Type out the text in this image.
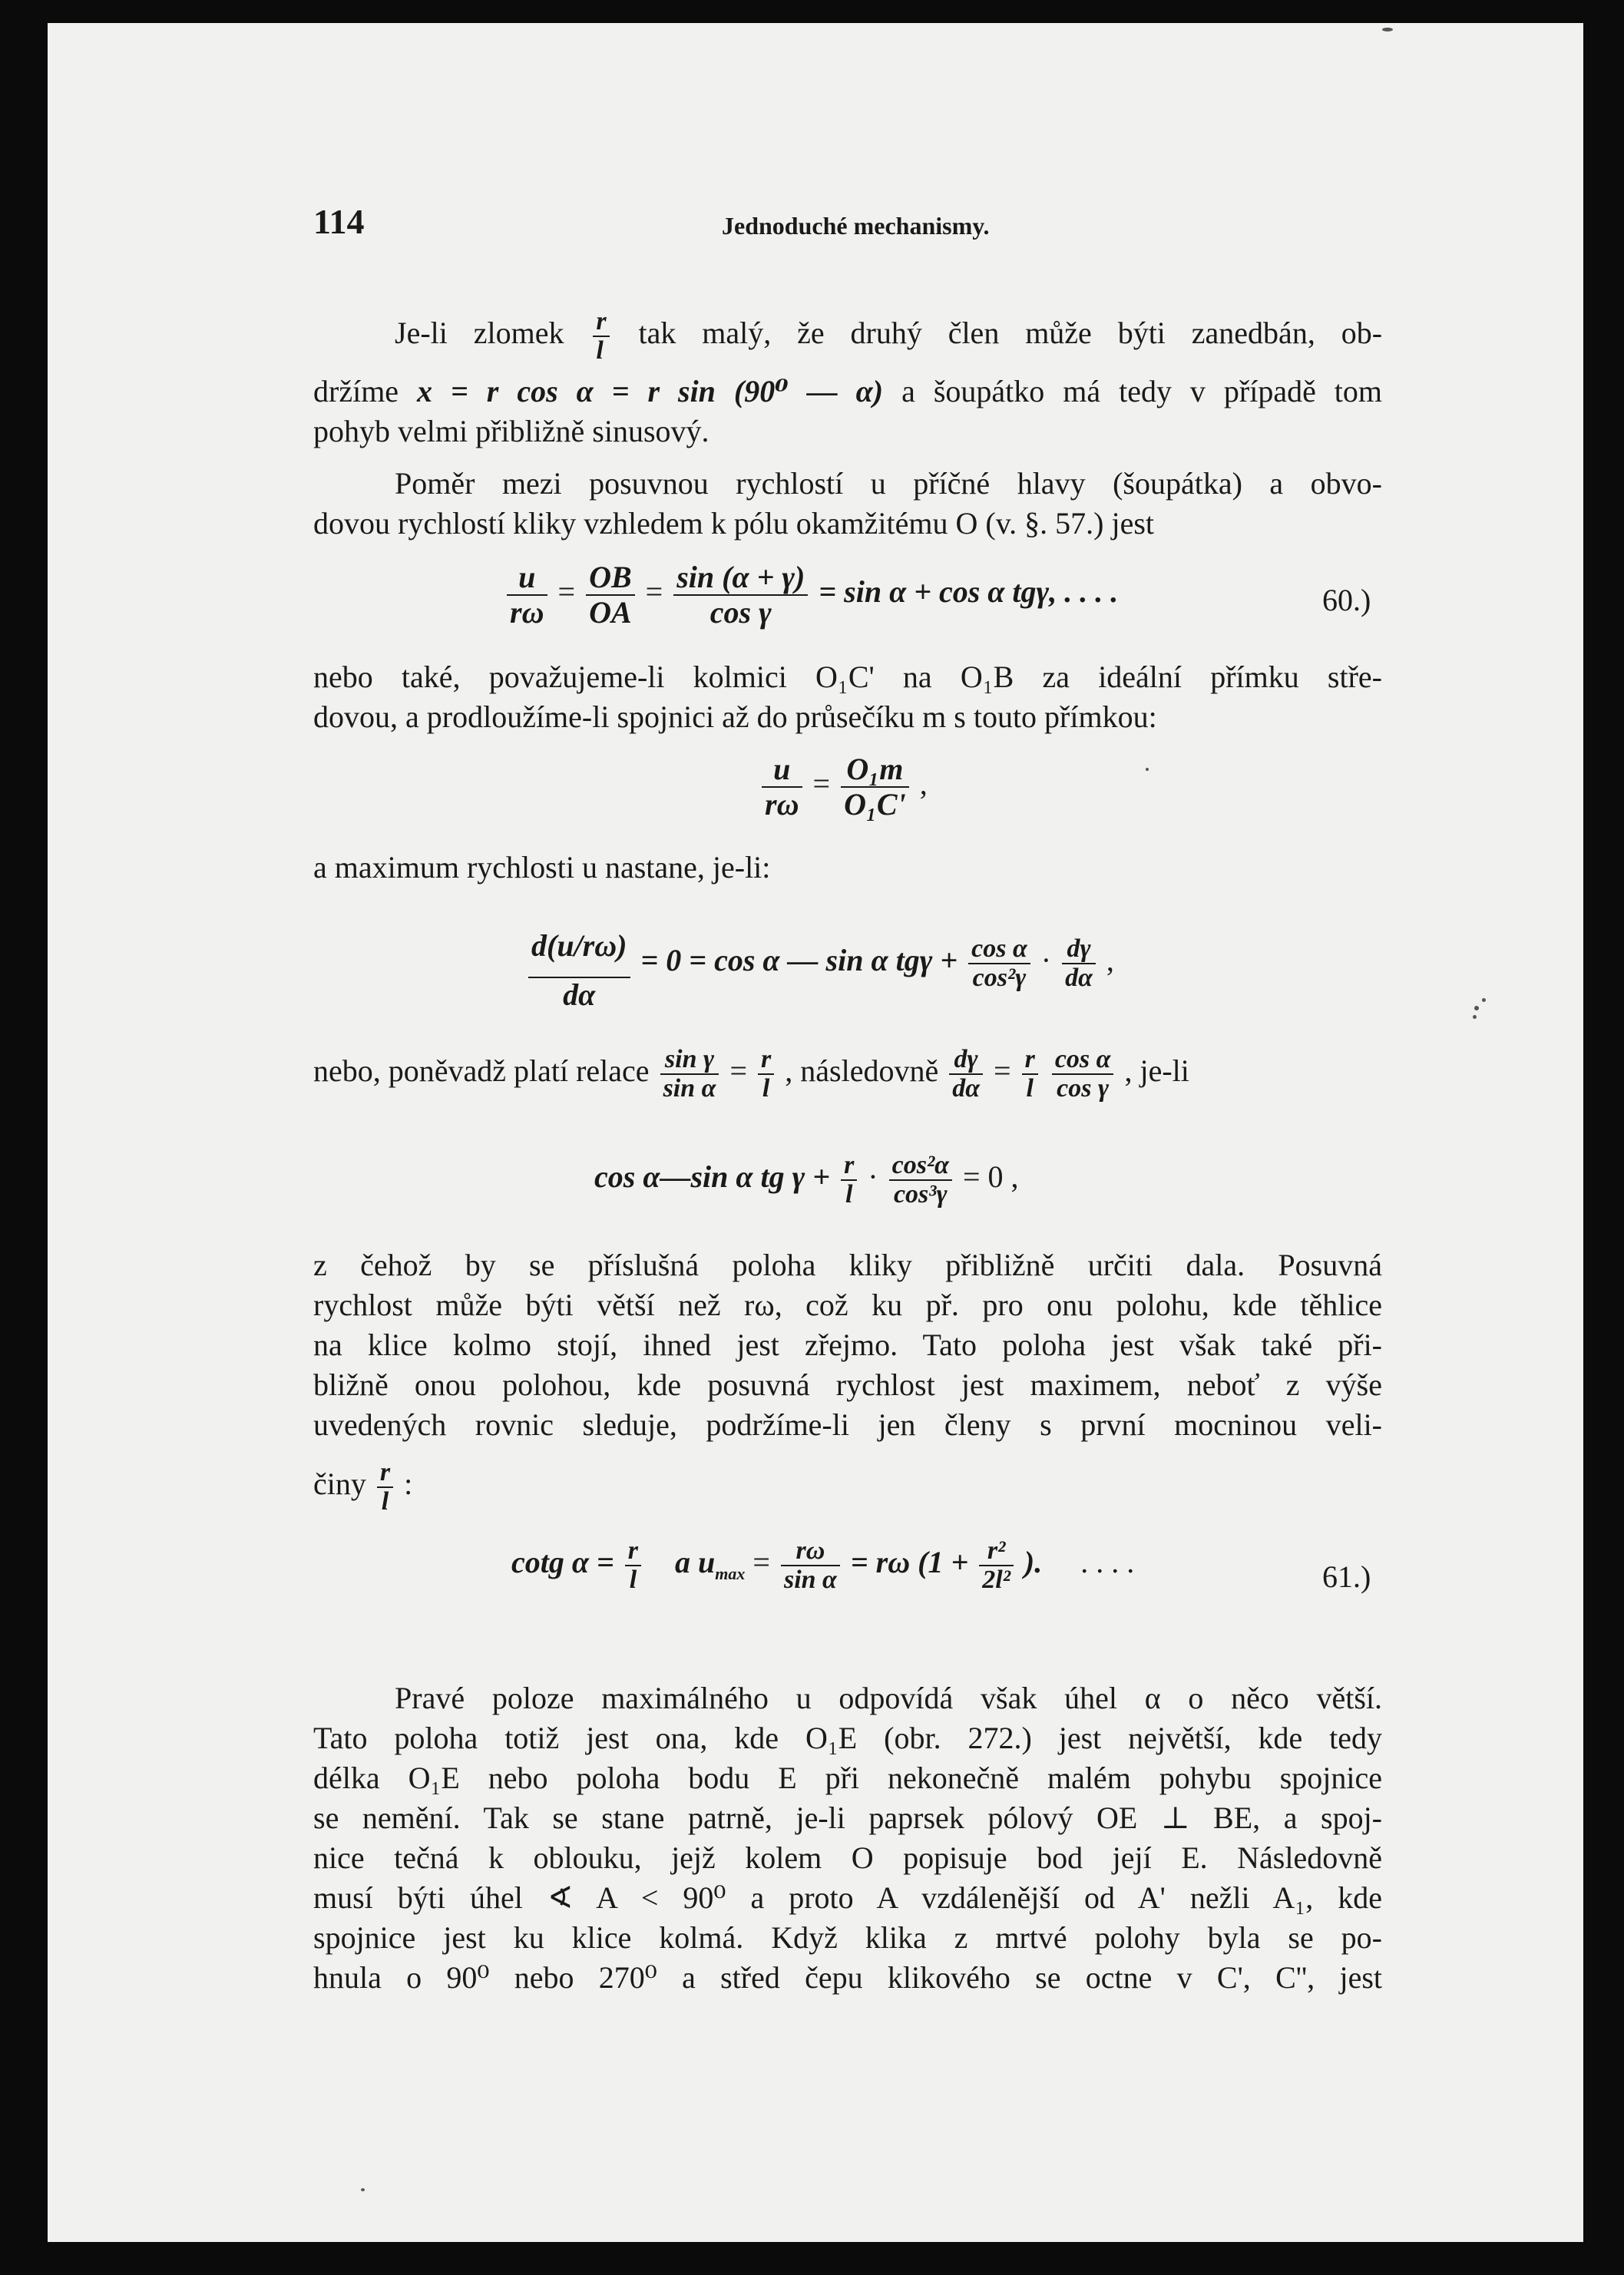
114	Jednoduché mechanismy.
Je-li zlomek $\frac{r}{l}$ tak malý, že druhý člen může býti zanedbán, ob-
držíme x = r cos α = r sin (90⁰ — α) a šoupátko má tedy v případě tom
pohyb velmi přibližně sinusový.
Poměr mezi posuvnou rychlostí u příčné hlavy (šoupátka) a obvo-
dovou rychlostí kliky vzhledem k pólu okamžitému O (v. §. 57.) jest
$\frac{u}{r\omega} = \frac{OB}{OA} = \frac{\sin (\alpha + \gamma)}{\text{cos γ}} = \sin \alpha + \cos \alpha$ tgγ, . . . .	60.)
nebo také, považujeme-li kolmici O₁C' na O₁B za ideální přímku stře-
dovou, a prodloužíme-li spojnici až do průsečíku m s touto přímkou:
$\frac{u}{r\omega} = \frac{\text{O₁m}}{\text{O₁C'}}$ ,
a maximum rychlosti u nastane, je-li:
$\frac{d(u/r\omega)}{d\alpha} = 0 = \cos \alpha$ — sin α $tg\gamma + \frac{\text{cos α}}{\text{cos²γ}} \cdot \frac{d\gamma}{d\alpha}$ ,
nebo, poněvadž platí relace $\frac{\text{sin γ}}{\text{sin α}} = \frac{r}{l}$ , následovně $\frac{d\gamma}{d\alpha} = \frac{r}{l}$
$\frac{\text{cos α}}{\text{cos γ}}$ , je-li
cos α—sin α tg $\gamma + \frac{r}{l} \cdot \frac{\text{cos²α}}{\text{cos³γ}} = 0$ ,
z čehož by se příslušná poloha kliky přibližně určiti dala. Posuvná
rychlost může býti větší než rω, což ku př. pro onu polohu, kde těhlice
na klice kolmo stojí, ihned jest zřejmo. Tato poloha jest však také při-
bližně onou polohou, kde posuvná rychlost jest maximem, neboť z výše
uvedených rovnic sleduje, podržíme-li jen členy s první mocninou veli-
činy $\frac{r}{l}$ :
cotg $\alpha = \frac{r}{l}$ a $u_{max} = \frac{r\omega}{\text{sin α}} = r\omega$ ($1 + \frac{\text{r²}}{\text{2l²}}$ ). . . . .	61.)
Pravé poloze maximálného u odpovídá však úhel α o něco větší.
Tato poloha totiž jest ona, kde O₁E (obr. 272.) jest největší, kde tedy
délka O₁E nebo poloha bodu E při nekonečně malém pohybu spojnice
se nemění. Tak se stane patrně, je-li paprsek pólový OE ⊥ BE, a spoj-
nice tečná k oblouku, jejž kolem O popisuje bod její E. Následovně
musí býti úhel ∢ A < 90⁰ a proto A vzdálenější od A' nežli A₁, kde
spojnice jest ku klice kolmá. Když klika z mrtvé polohy byla se po-
hnula o 90⁰ nebo 270⁰ a střed čepu klikového se octne v C', C'', jest
